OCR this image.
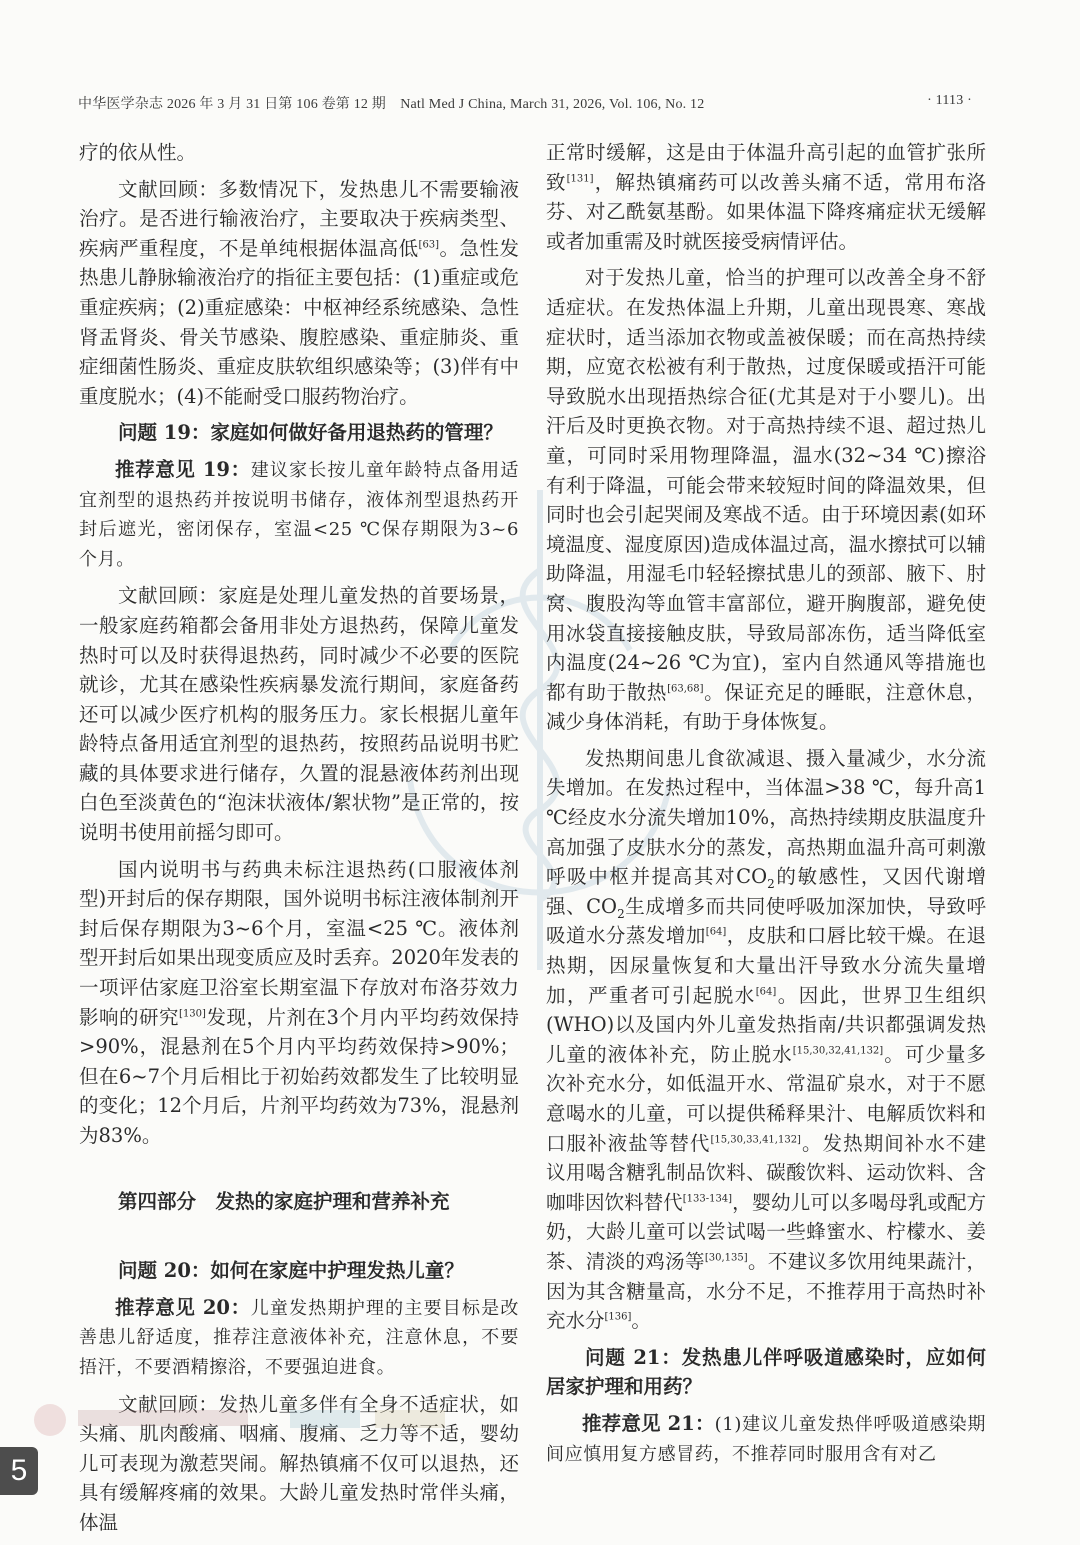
中华医学杂志 2026 年 3 月 31 日第 106 卷第 12 期　Natl Med J China, March 31, 2026, Vol. 106, No. 12	· 1113 ·

疗的依从性。

文献回顾：多数情况下，发热患儿不需要输液治疗。是否进行输液治疗，主要取决于疾病类型、疾病严重程度，不是单纯根据体温高低[63]。急性发热患儿静脉输液治疗的指征主要包括：(1)重症或危重症疾病；(2)重症感染：中枢神经系统感染、急性肾盂肾炎、骨关节感染、腹腔感染、重症肺炎、重症细菌性肠炎、重症皮肤软组织感染等；(3)伴有中重度脱水；(4)不能耐受口服药物治疗。

问题 19：家庭如何做好备用退热药的管理？

推荐意见 19：建议家长按儿童年龄特点备用适宜剂型的退热药并按说明书储存，液体剂型退热药开封后遮光，密闭保存，室温<25 ℃保存期限为3~6个月。

文献回顾：家庭是处理儿童发热的首要场景，一般家庭药箱都会备用非处方退热药，保障儿童发热时可以及时获得退热药，同时减少不必要的医院就诊，尤其在感染性疾病暴发流行期间，家庭备药还可以减少医疗机构的服务压力。家长根据儿童年龄特点备用适宜剂型的退热药，按照药品说明书贮藏的具体要求进行储存，久置的混悬液体药剂出现白色至淡黄色的“泡沫状液体/絮状物”是正常的，按说明书使用前摇匀即可。

国内说明书与药典未标注退热药(口服液体剂型)开封后的保存期限，国外说明书标注液体制剂开封后保存期限为3~6个月，室温<25 ℃。液体剂型开封后如果出现变质应及时丢弃。2020年发表的一项评估家庭卫浴室长期室温下存放对布洛芬效力影响的研究[130]发现，片剂在3个月内平均药效保持>90%，混悬剂在5个月内平均药效保持>90%；但在6~7个月后相比于初始药效都发生了比较明显的变化；12个月后，片剂平均药效为73%，混悬剂为83%。

第四部分　发热的家庭护理和营养补充

问题 20：如何在家庭中护理发热儿童？

推荐意见 20：儿童发热期护理的主要目标是改善患儿舒适度，推荐注意液体补充，注意休息，不要捂汗，不要酒精擦浴，不要强迫进食。

文献回顾：发热儿童多伴有全身不适症状，如头痛、肌肉酸痛、咽痛、腹痛、乏力等不适，婴幼儿可表现为激惹哭闹。解热镇痛不仅可以退热，还具有缓解疼痛的效果。大龄儿童发热时常伴头痛，体温

正常时缓解，这是由于体温升高引起的血管扩张所致[131]，解热镇痛药可以改善头痛不适，常用布洛芬、对乙酰氨基酚。如果体温下降疼痛症状无缓解或者加重需及时就医接受病情评估。

对于发热儿童，恰当的护理可以改善全身不舒适症状。在发热体温上升期，儿童出现畏寒、寒战症状时，适当添加衣物或盖被保暖；而在高热持续期，应宽衣松被有利于散热，过度保暖或捂汗可能导致脱水出现捂热综合征(尤其是对于小婴儿)。出汗后及时更换衣物。对于高热持续不退、超过热儿童，可同时采用物理降温，温水(32~34 ℃)擦浴有利于降温，可能会带来较短时间的降温效果，但同时也会引起哭闹及寒战不适。由于环境因素(如环境温度、湿度原因)造成体温过高，温水擦拭可以辅助降温，用湿毛巾轻轻擦拭患儿的颈部、腋下、肘窝、腹股沟等血管丰富部位，避开胸腹部，避免使用冰袋直接接触皮肤，导致局部冻伤，适当降低室内温度(24~26 ℃为宜)，室内自然通风等措施也都有助于散热[63,68]。保证充足的睡眠，注意休息，减少身体消耗，有助于身体恢复。

发热期间患儿食欲减退、摄入量减少，水分流失增加。在发热过程中，当体温>38 ℃，每升高1 ℃经皮水分流失增加10%，高热持续期皮肤温度升高加强了皮肤水分的蒸发，高热期血温升高可刺激呼吸中枢并提高其对$CO_2$的敏感性，又因代谢增强、$CO_2$生成增多而共同使呼吸加深加快，导致呼吸道水分蒸发增加[64]，皮肤和口唇比较干燥。在退热期，因尿量恢复和大量出汗导致水分流失量增加，严重者可引起脱水[64]。因此，世界卫生组织(WHO)以及国内外儿童发热指南/共识都强调发热儿童的液体补充，防止脱水[15,30,32,41,132]。可少量多次补充水分，如低温开水、常温矿泉水，对于不愿意喝水的儿童，可以提供稀释果汁、电解质饮料和口服补液盐等替代[15,30,33,41,132]。发热期间补水不建议用喝含糖乳制品饮料、碳酸饮料、运动饮料、含咖啡因饮料替代[133-134]，婴幼儿可以多喝母乳或配方奶，大龄儿童可以尝试喝一些蜂蜜水、柠檬水、姜茶、清淡的鸡汤等[30,135]。不建议多饮用纯果蔬汁，因为其含糖量高，水分不足，不推荐用于高热时补充水分[136]。

问题 21：发热患儿伴呼吸道感染时，应如何居家护理和用药？

推荐意见 21：(1)建议儿童发热伴呼吸道感染期间应慎用复方感冒药，不推荐同时服用含有对乙

5
